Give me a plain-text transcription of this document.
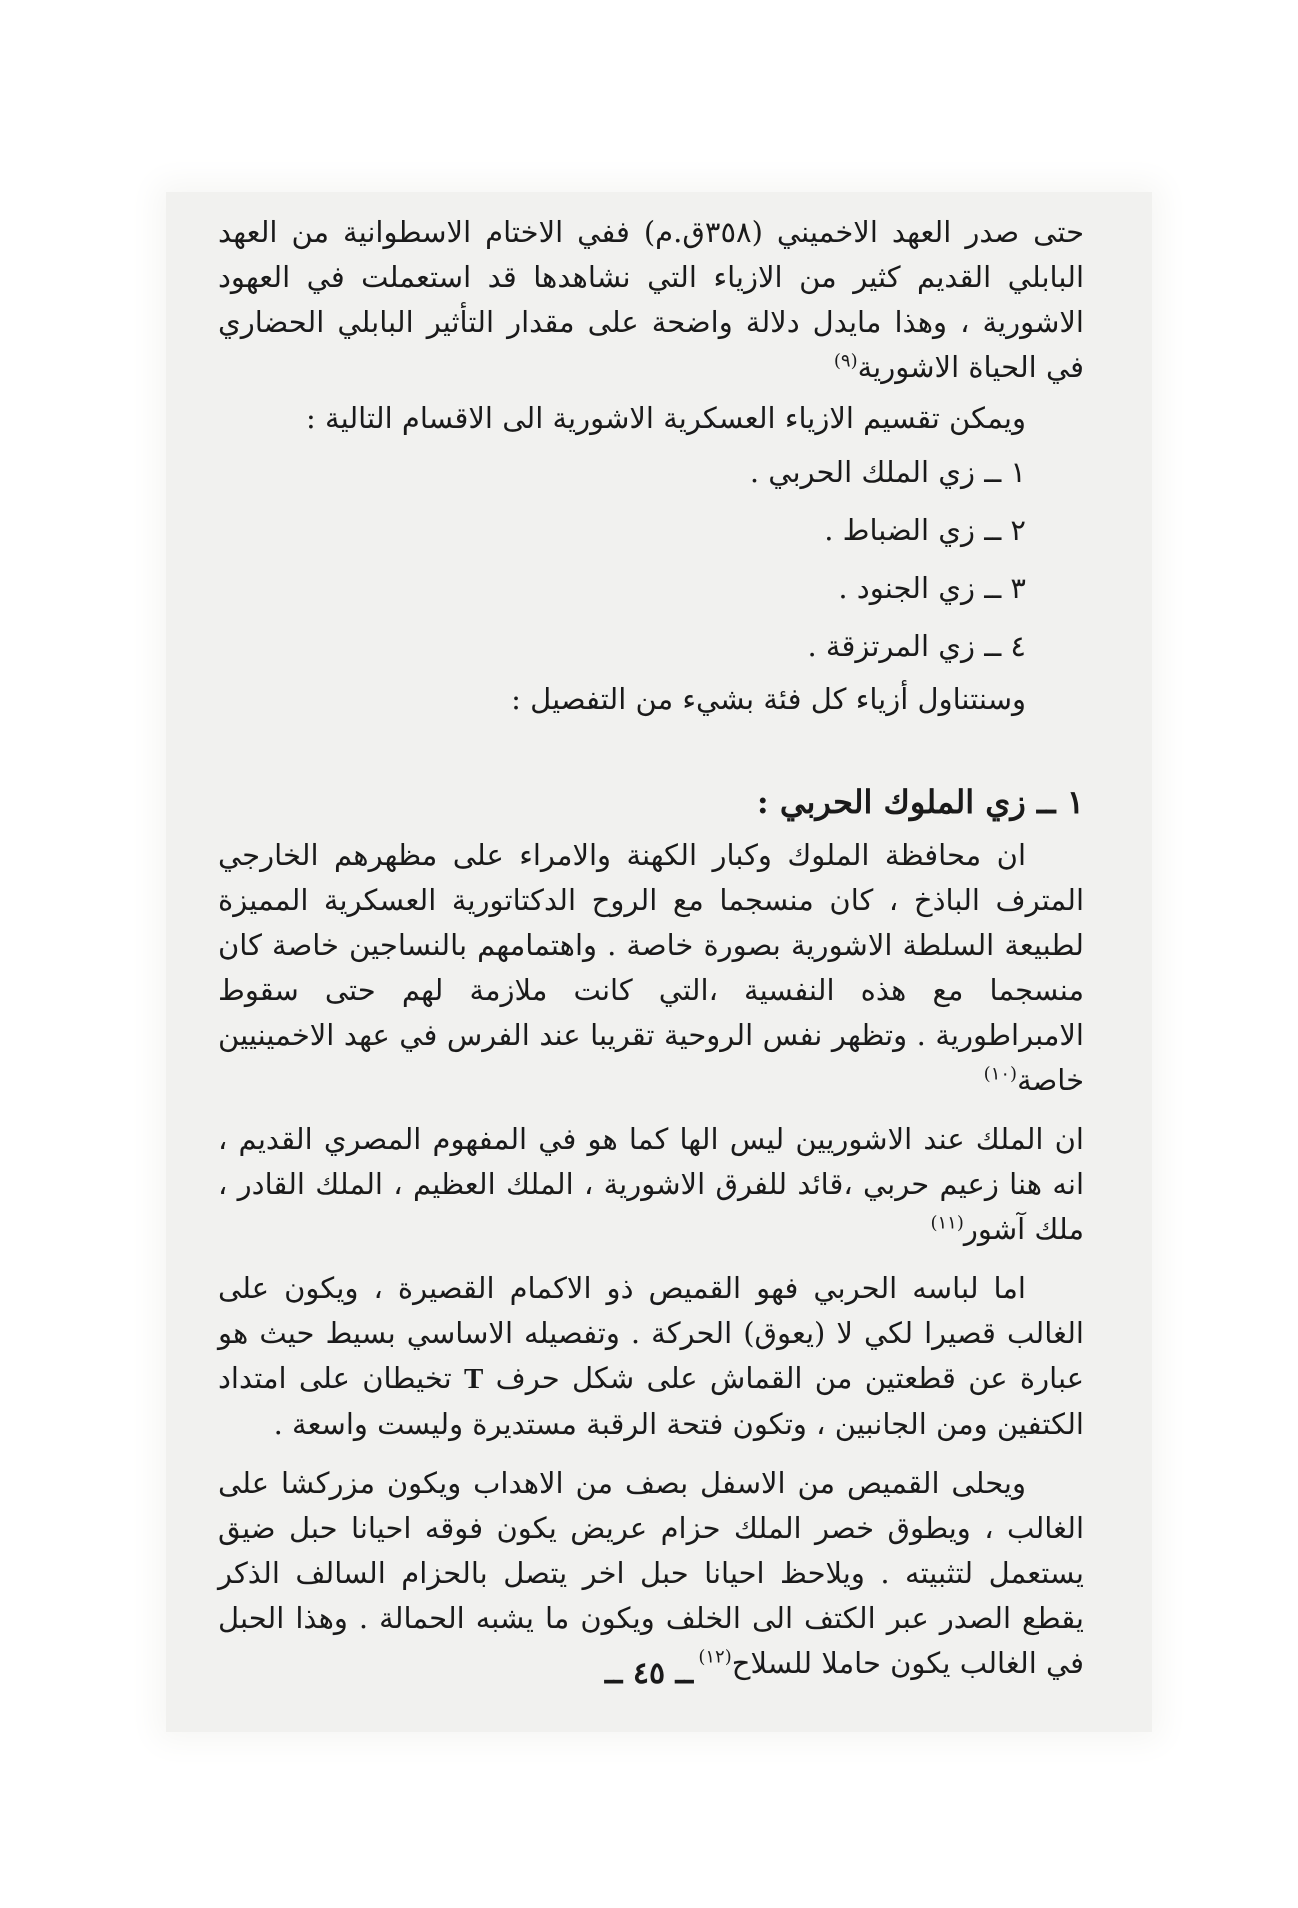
حتى صدر العهد الاخميني (٣٥٨ق.م) ففي الاختام الاسطوانية من العهد البابلي القديم كثير من الازياء التي نشاهدها قد استعملت في العهود الاشورية ، وهذا مايدل دلالة واضحة على مقدار التأثير البابلي الحضاري في الحياة الاشورية$^{(٩)}$

ويمكن تقسيم الازياء العسكرية الاشورية الى الاقسام التالية :

١ ــ زي الملك الحربي .

٢ ــ زي الضباط .

٣ ــ زي الجنود .

٤ ــ زي المرتزقة .

وسنتناول أزياء كل فئة بشيء من التفصيل :

١ ــ زي الملوك الحربي :

ان محافظة الملوك وكبار الكهنة والامراء على مظهرهم الخارجي المترف الباذخ ، كان منسجما مع الروح الدكتاتورية العسكرية المميزة لطبيعة السلطة الاشورية بصورة خاصة . واهتمامهم بالنساجين خاصة كان منسجما مع هذه النفسية ،التي كانت ملازمة لهم حتى سقوط الامبراطورية . وتظهر نفس الروحية تقريبا عند الفرس في عهد الاخمينيين خاصة$^{(١٠)}$

ان الملك عند الاشوريين ليس الها كما هو في المفهوم المصري القديم ، انه هنا زعيم حربي ،قائد للفرق الاشورية ، الملك العظيم ، الملك القادر ، ملك آشور$^{(١١)}$

اما لباسه الحربي فهو القميص ذو الاكمام القصيرة ، ويكون على الغالب قصيرا لكي لا (يعوق) الحركة . وتفصيله الاساسي بسيط حيث هو عبارة عن قطعتين من القماش على شكل حرف T تخيطان على امتداد الكتفين ومن الجانبين ، وتكون فتحة الرقبة مستديرة وليست واسعة .

ويحلى القميص من الاسفل بصف من الاهداب ويكون مزركشا على الغالب ، ويطوق خصر الملك حزام عريض يكون فوقه احيانا حبل ضيق يستعمل لتثبيته . ويلاحظ احيانا حبل اخر يتصل بالحزام السالف الذكر يقطع الصدر عبر الكتف الى الخلف ويكون ما يشبه الحمالة . وهذا الحبل في الغالب يكون حاملا للسلاح$^{(١٢)}$

ــ ٤٥ ــ
